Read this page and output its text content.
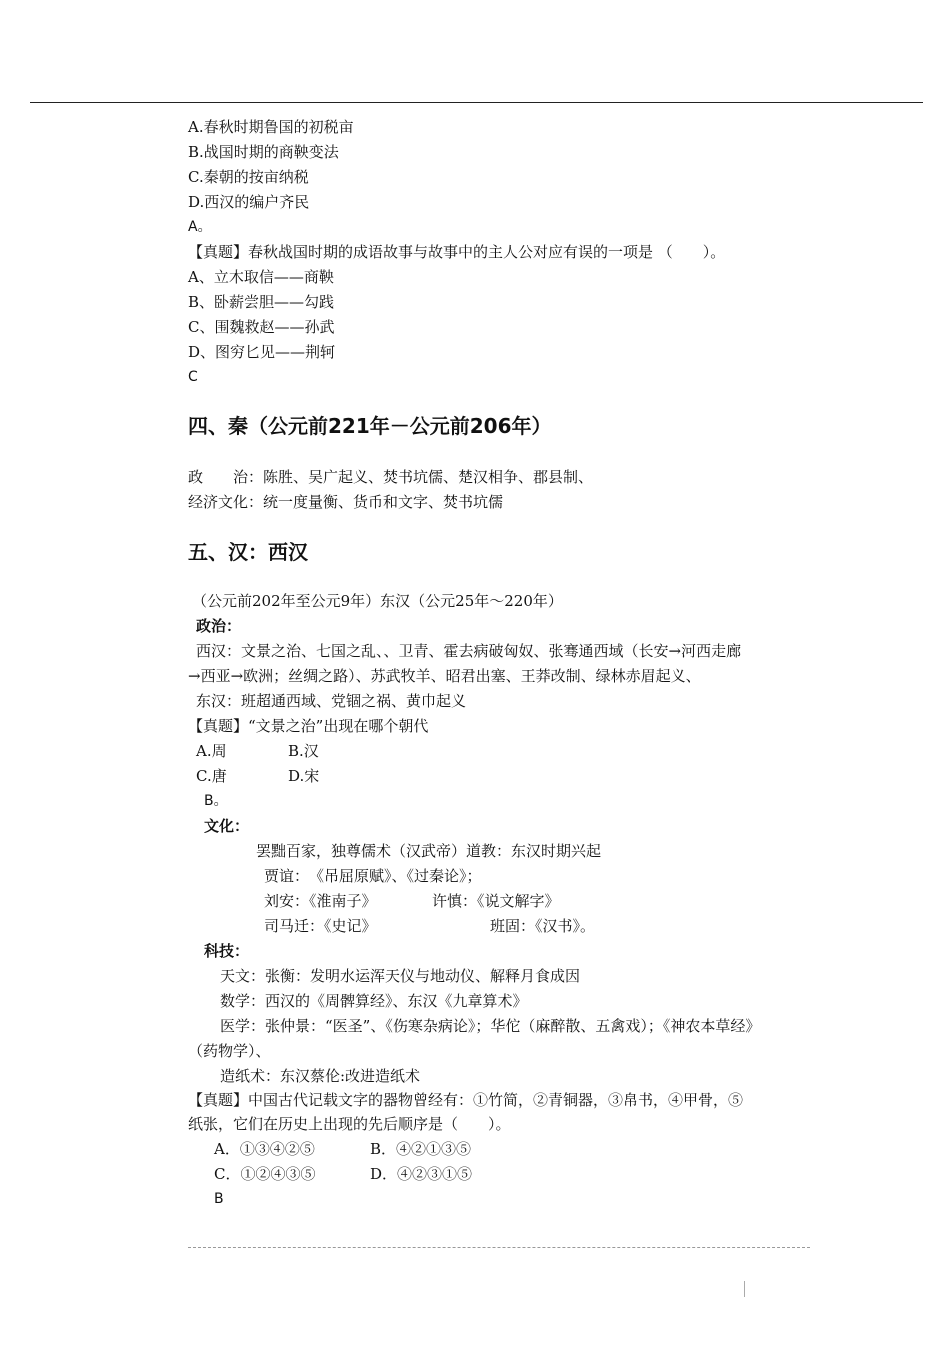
A.春秋时期鲁国的初税亩
B.战国时期的商鞅变法
C.秦朝的按亩纳税
D.西汉的编户齐民
A。
【真题】春秋战国时期的成语故事与故事中的主人公对应有误的一项是 （　　）。
A、立木取信——商鞅
B、卧薪尝胆——勾践
C、围魏救赵——孙武
D、图穷匕见——荆轲
C
四、秦（公元前221年－公元前206年）
政　　治：陈胜、吴广起义、焚书坑儒、楚汉相争、郡县制、
经济文化：统一度量衡、货币和文字、焚书坑儒
五、汉：西汉
（公元前202年至公元9年）东汉（公元25年～220年）
政治：
西汉：文景之治、七国之乱、、卫青、霍去病破匈奴、张骞通西域（长安→河西走廊
→西亚→欧洲；丝绸之路）、苏武牧羊、昭君出塞、王莽改制、绿林赤眉起义、
东汉：班超通西域、党锢之祸、黄巾起义
【真题】“文景之治”出现在哪个朝代
A.周	B.汉
C.唐	D.宋
B。
文化：
罢黜百家，独尊儒术（汉武帝）道教：东汉时期兴起
贾谊：　《吊屈原赋》、《过秦论》；
刘安：《淮南子》	许慎：《说文解字》
司马迁：《史记》	班固：《汉书》。
科技：
天文：张衡：发明水运浑天仪与地动仪、解释月食成因
数学：西汉的《周髀算经》、东汉《九章算术》
医学：张仲景：“医圣”、《伤寒杂病论》；华佗（麻醉散、五禽戏）；《神农本草经》
（药物学）、
造纸术：东汉蔡伦:改进造纸术
【真题】中国古代记载文字的器物曾经有：①竹简，②青铜器，③帛书，④甲骨，⑤
纸张，它们在历史上出现的先后顺序是（　　）。
A．①③④②⑤	B．④②①③⑤
C．①②④③⑤	D．④②③①⑤
B
